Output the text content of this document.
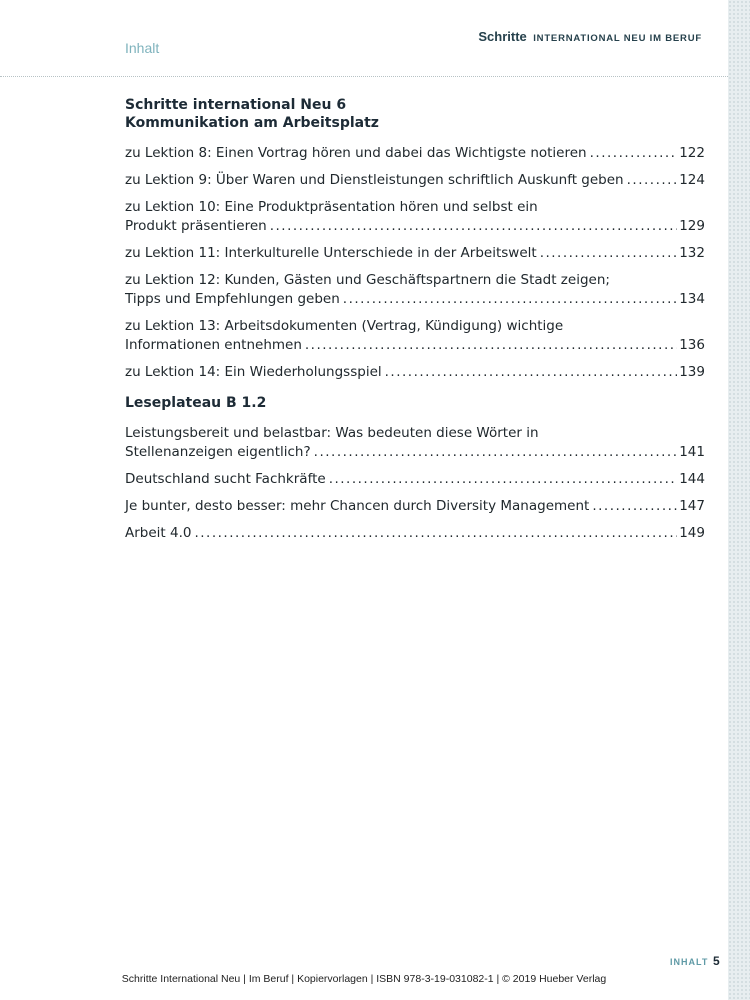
Inhalt
Schritte INTERNATIONAL NEU IM BERUF
Schritte international Neu 6
Kommunikation am Arbeitsplatz
zu Lektion 8: Einen Vortrag hören und dabei das Wichtigste notieren .....	122
zu Lektion 9: Über Waren und Dienstleistungen schriftlich Auskunft geben .....	124
zu Lektion 10: Eine Produktpräsentation hören und selbst ein
Produkt präsentieren .....	129
zu Lektion 11: Interkulturelle Unterschiede in der Arbeitswelt .....	132
zu Lektion 12: Kunden, Gästen und Geschäftspartnern die Stadt zeigen;
Tipps und Empfehlungen geben .....	134
zu Lektion 13: Arbeitsdokumenten (Vertrag, Kündigung) wichtige
Informationen entnehmen .....	136
zu Lektion 14: Ein Wiederholungsspiel .....	139
Leseplateau B 1.2
Leistungsbereit und belastbar: Was bedeuten diese Wörter in
Stellenanzeigen eigentlich? .....	141
Deutschland sucht Fachkräfte .....	144
Je bunter, desto besser: mehr Chancen durch Diversity Management .....	147
Arbeit 4.0 .....	149
INHALT 5
Schritte International Neu | Im Beruf | Kopiervorlagen | ISBN 978-3-19-031082-1 | © 2019 Hueber Verlag
